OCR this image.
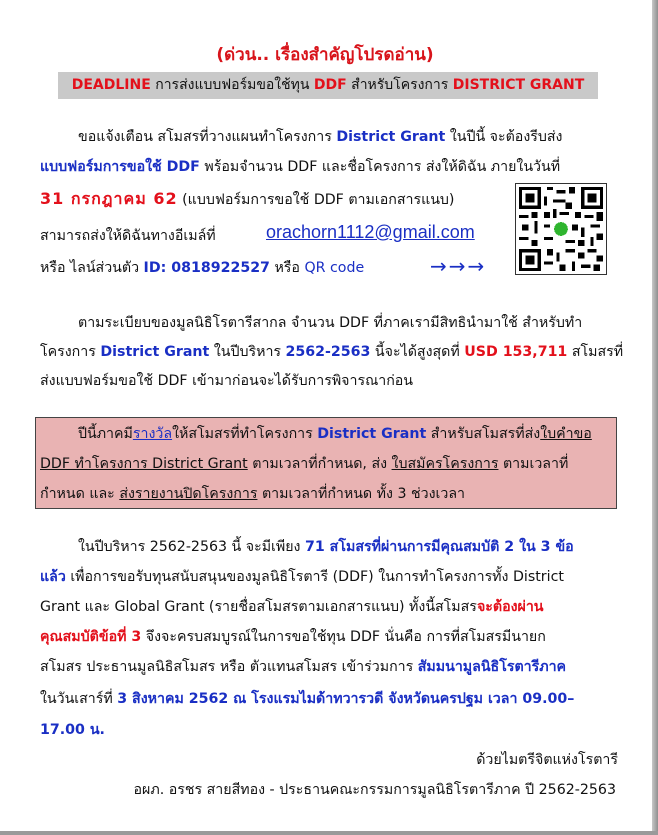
(ด่วน.. เรื่องสำคัญโปรดอ่าน)
DEADLINE การส่งแบบฟอร์มขอใช้ทุน DDF สำหรับโครงการ DISTRICT GRANT
ขอแจ้งเตือน สโมสรที่วางแผนทำโครงการ District Grant ในปีนี้ จะต้องรีบส่ง
แบบฟอร์มการขอใช้ DDF พร้อมจำนวน DDF และชื่อโครงการ ส่งให้ดิฉัน ภายในวันที่
31 กรกฎาคม 62 (แบบฟอร์มการขอใช้ DDF ตามเอกสารแนบ)
สามารถส่งให้ดิฉันทางอีเมล์ที่	orachorn1112@gmail.com
หรือ ไลน์ส่วนตัว ID: 0818922527 หรือ QR code	→→→
ตามระเบียบของมูลนิธิโรตารีสากล จำนวน DDF ที่ภาคเรามีสิทธินำมาใช้ สำหรับทำ
โครงการ District Grant ในปีบริหาร 2562-2563 นี้จะได้สูงสุดที่ USD 153,711 สโมสรที่
ส่งแบบฟอร์มขอใช้ DDF เข้ามาก่อนจะได้รับการพิจารณาก่อน
ปีนี้ภาคมีรางวัลให้สโมสรที่ทำโครงการ District Grant สำหรับสโมสรที่ส่งใบคำขอ
DDF ทำโครงการ District Grant ตามเวลาที่กำหนด, ส่ง ใบสมัครโครงการ ตามเวลาที่
กำหนด และ ส่งรายงานปิดโครงการ ตามเวลาที่กำหนด ทั้ง 3 ช่วงเวลา
ในปีบริหาร 2562-2563 นี้ จะมีเพียง 71 สโมสรที่ผ่านการมีคุณสมบัติ 2 ใน 3 ข้อ
แล้ว เพื่อการขอรับทุนสนับสนุนของมูลนิธิโรตารี (DDF) ในการทำโครงการทั้ง District
Grant และ Global Grant (รายชื่อสโมสรตามเอกสารแนบ) ทั้งนี้สโมสรจะต้องผ่าน
คุณสมบัติข้อที่ 3 จึงจะครบสมบูรณ์ในการขอใช้ทุน DDF นั่นคือ การที่สโมสรมีนายก
สโมสร ประธานมูลนิธิสโมสร หรือ ตัวแทนสโมสร เข้าร่วมการ สัมมนามูลนิธิโรตารีภาค
ในวันเสาร์ที่ 3 สิงหาคม 2562 ณ โรงแรมไมด้าทวารวดี จังหวัดนครปฐม เวลา 09.00–
17.00 น.
ด้วยไมตรีจิตแห่งโรตารี
อผภ. อรชร สายสีทอง - ประธานคณะกรรมการมูลนิธิโรตารีภาค ปี 2562-2563
